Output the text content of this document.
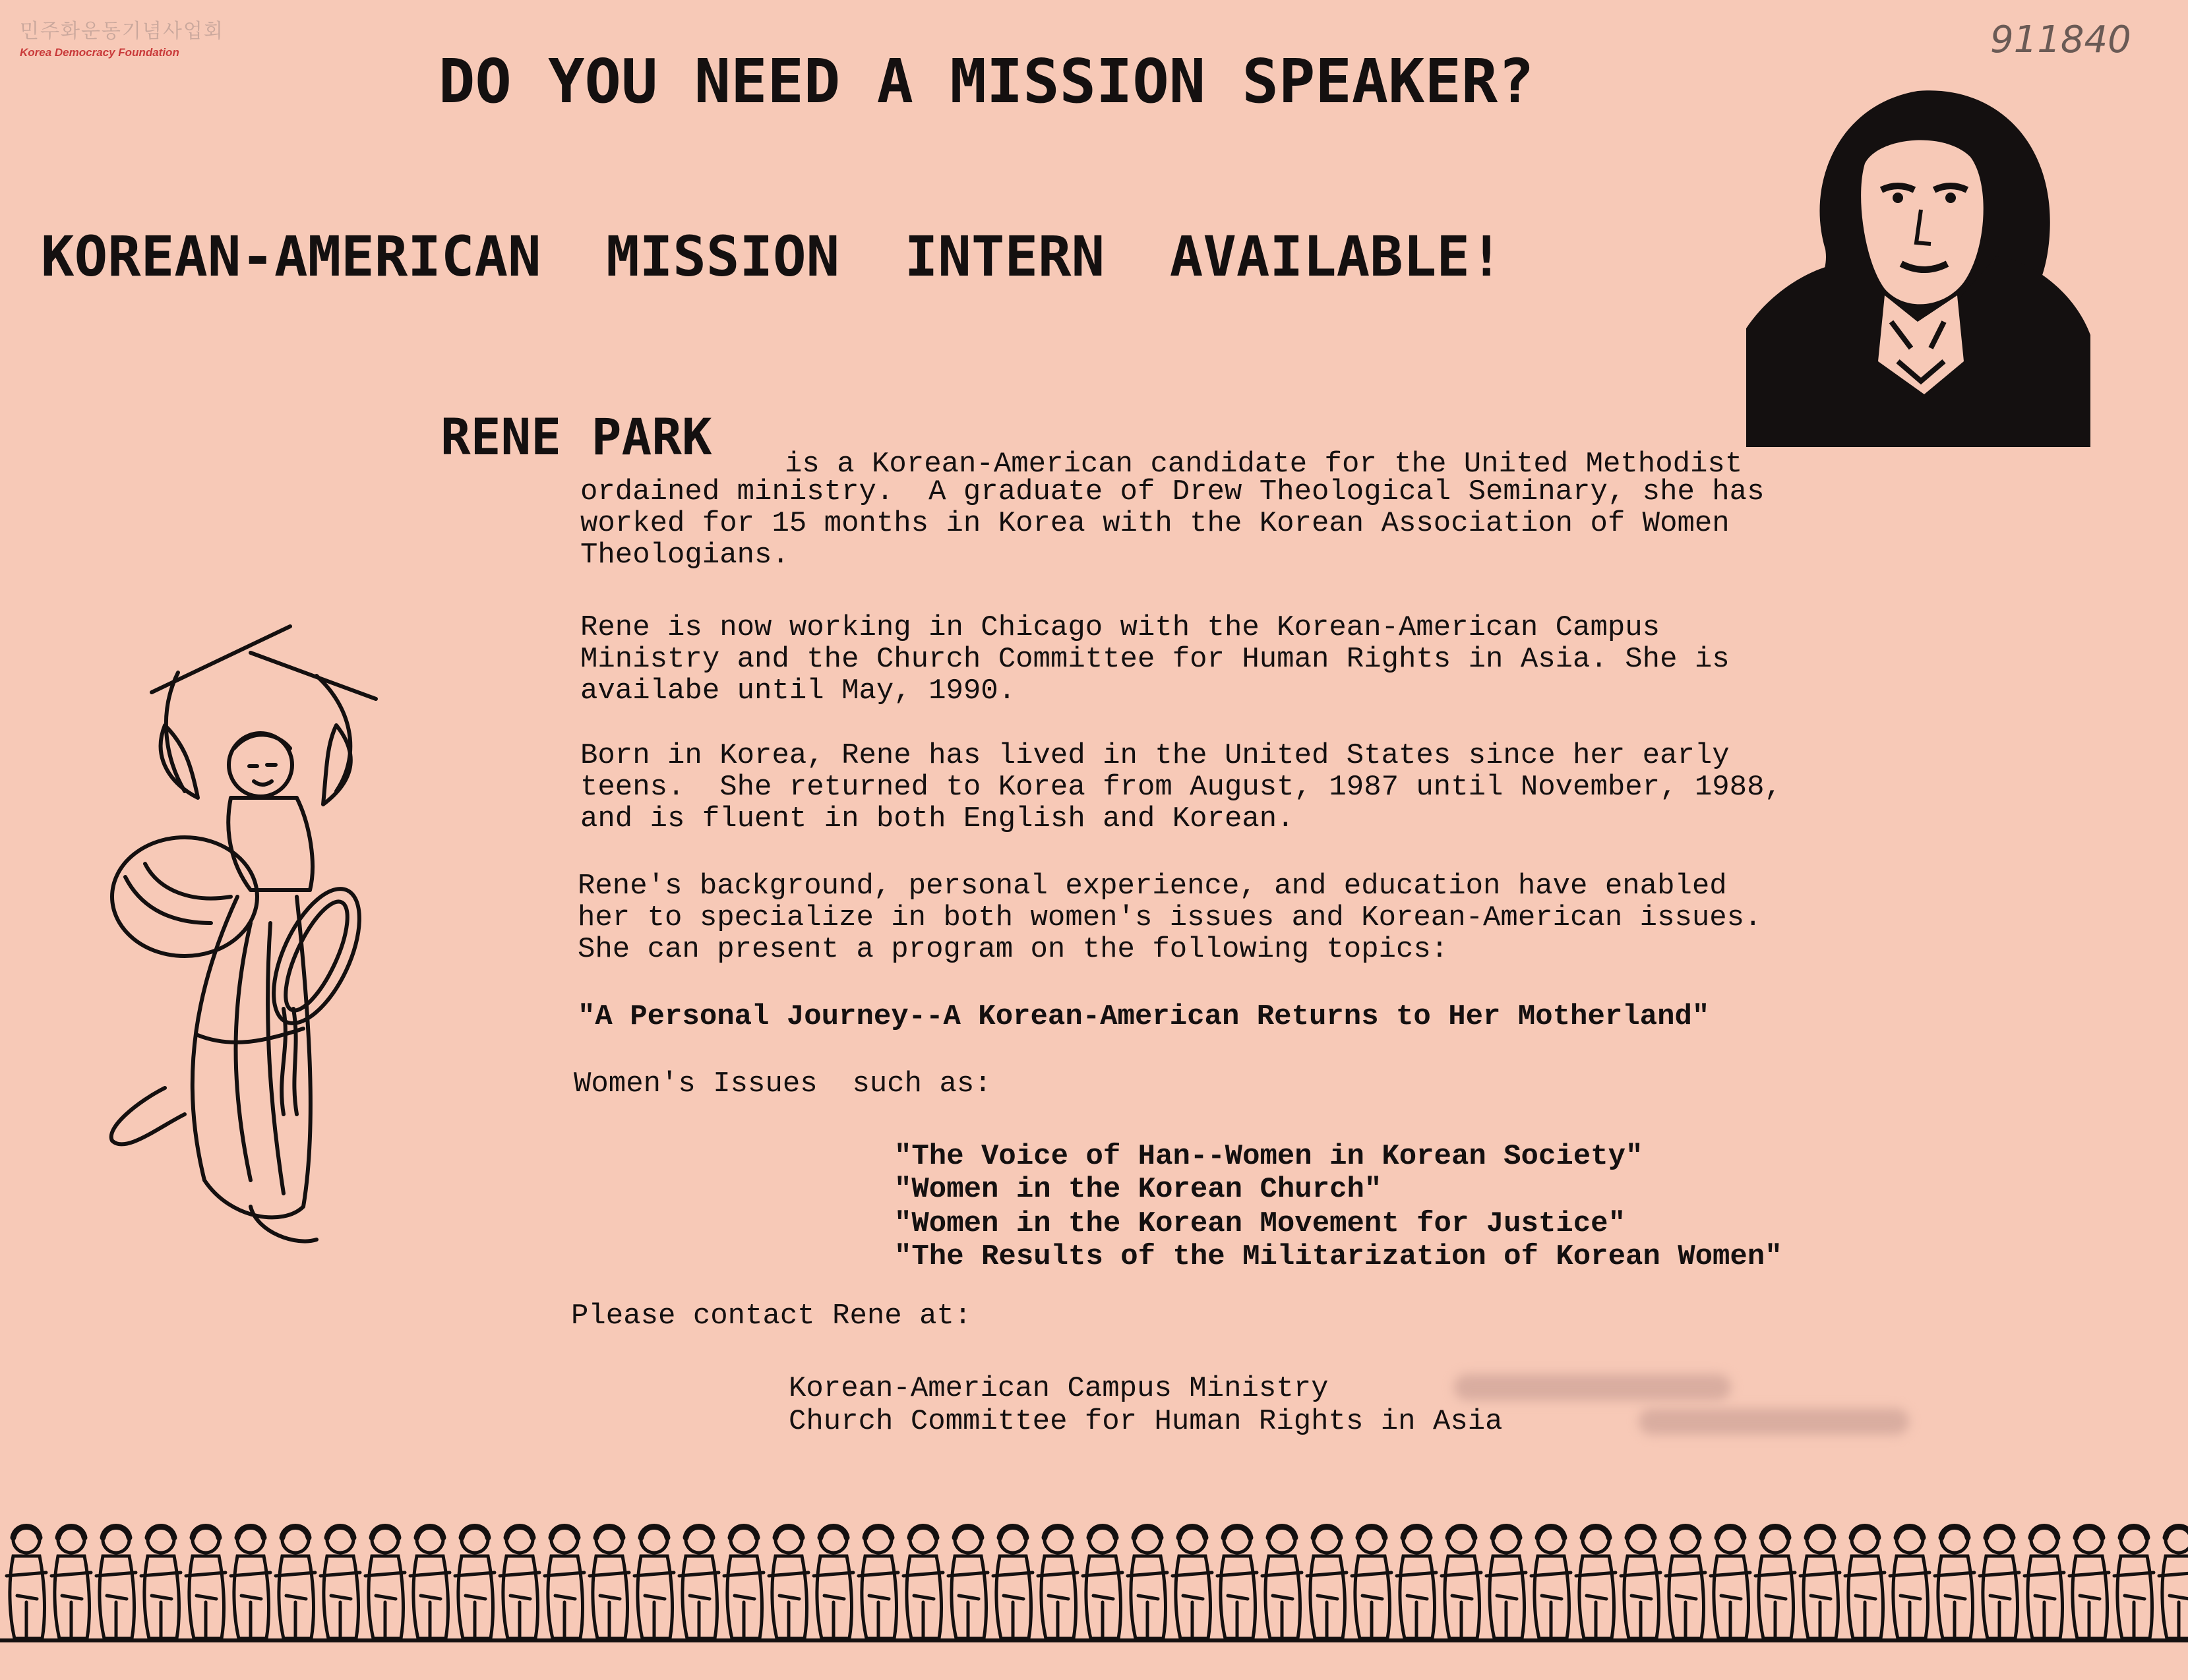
민주화운동기념사업회
Korea Democracy Foundation	911840
DO YOU NEED A MISSION SPEAKER?
KOREAN-AMERICAN MISSION INTERN AVAILABLE!
RENE PARK	is a Korean-American candidate for the United Methodist
ordained ministry.  A graduate of Drew Theological Seminary, she has
worked for 15 months in Korea with the Korean Association of Women
Theologians.
Rene is now working in Chicago with the Korean-American Campus
Ministry and the Church Committee for Human Rights in Asia. She is
availabe until May, 1990.
Born in Korea, Rene has lived in the United States since her early
teens.  She returned to Korea from August, 1987 until November, 1988,
and is fluent in both English and Korean.
Rene's background, personal experience, and education have enabled
her to specialize in both women's issues and Korean-American issues.
She can present a program on the following topics:
"A Personal Journey--A Korean-American Returns to Her Motherland"
Women's Issues  such as:
"The Voice of Han--Women in Korean Society"
"Women in the Korean Church"
"Women in the Korean Movement for Justice"
"The Results of the Militarization of Korean Women"
Please contact Rene at:
Korean-American Campus Ministry
Church Committee for Human Rights in Asia
